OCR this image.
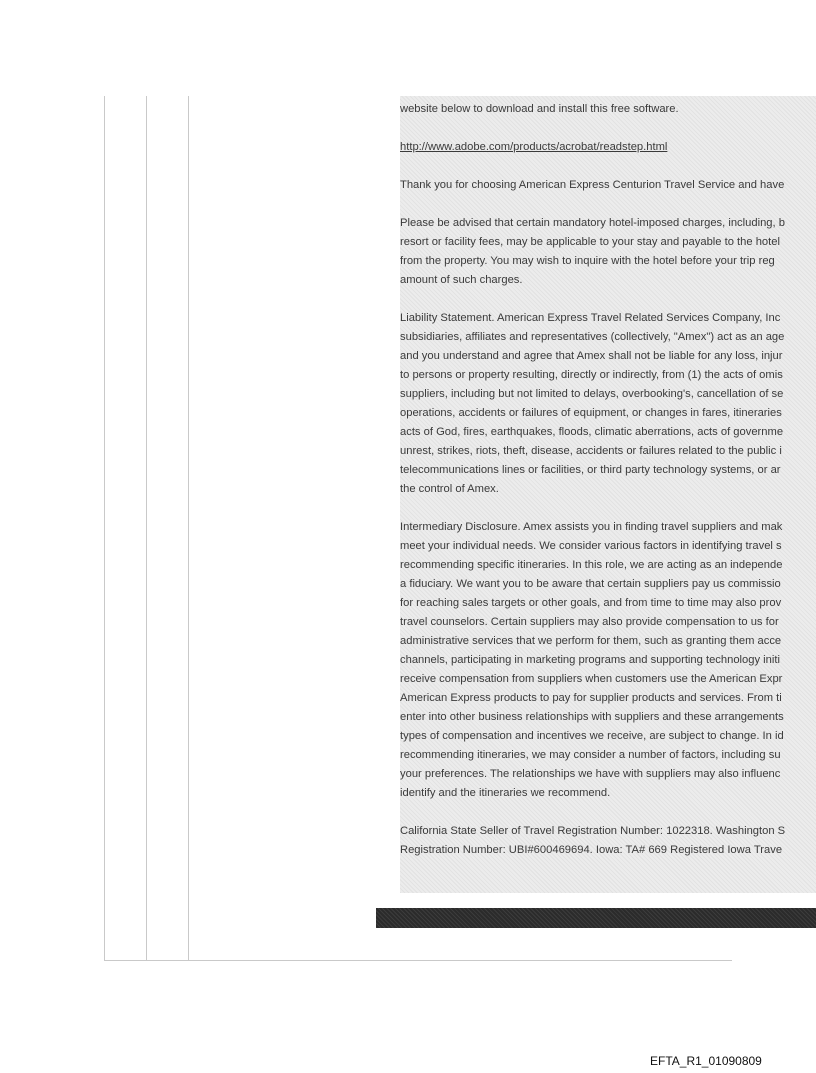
website below to download and install this free software.

http://www.adobe.com/products/acrobat/readstep.html

Thank you for choosing American Express Centurion Travel Service and have

Please be advised that certain mandatory hotel-imposed charges, including, b
resort or facility fees, may be applicable to your stay and payable to the hotel
from the property. You may wish to inquire with the hotel before your trip reg
amount of such charges.

Liability Statement. American Express Travel Related Services Company, Inc
subsidiaries, affiliates and representatives (collectively, "Amex") act as an age
and you understand and agree that Amex shall not be liable for any loss, injur
to persons or property resulting, directly or indirectly, from (1) the acts of omis
suppliers, including but not limited to delays, overbooking's, cancellation of se
operations, accidents or failures of equipment, or changes in fares, itineraries
acts of God, fires, earthquakes, floods, climatic aberrations, acts of governme
unrest, strikes, riots, theft, disease, accidents or failures related to the public i
telecommunications lines or facilities, or third party technology systems, or ar
the control of Amex.

Intermediary Disclosure. Amex assists you in finding travel suppliers and mak
meet your individual needs. We consider various factors in identifying travel s
recommending specific itineraries. In this role, we are acting as an independe
a fiduciary. We want you to be aware that certain suppliers pay us commissio
for reaching sales targets or other goals, and from time to time may also prov
travel counselors. Certain suppliers may also provide compensation to us for
administrative services that we perform for them, such as granting them acce
channels, participating in marketing programs and supporting technology initi
receive compensation from suppliers when customers use the American Expr
American Express products to pay for supplier products and services. From ti
enter into other business relationships with suppliers and these arrangements
types of compensation and incentives we receive, are subject to change. In id
recommending itineraries, we may consider a number of factors, including su
your preferences. The relationships we have with suppliers may also influenc
identify and the itineraries we recommend.

California State Seller of Travel Registration Number: 1022318. Washington S
Registration Number: UBI#600469694. Iowa: TA# 669 Registered Iowa Trave

EFTA_R1_01090809
